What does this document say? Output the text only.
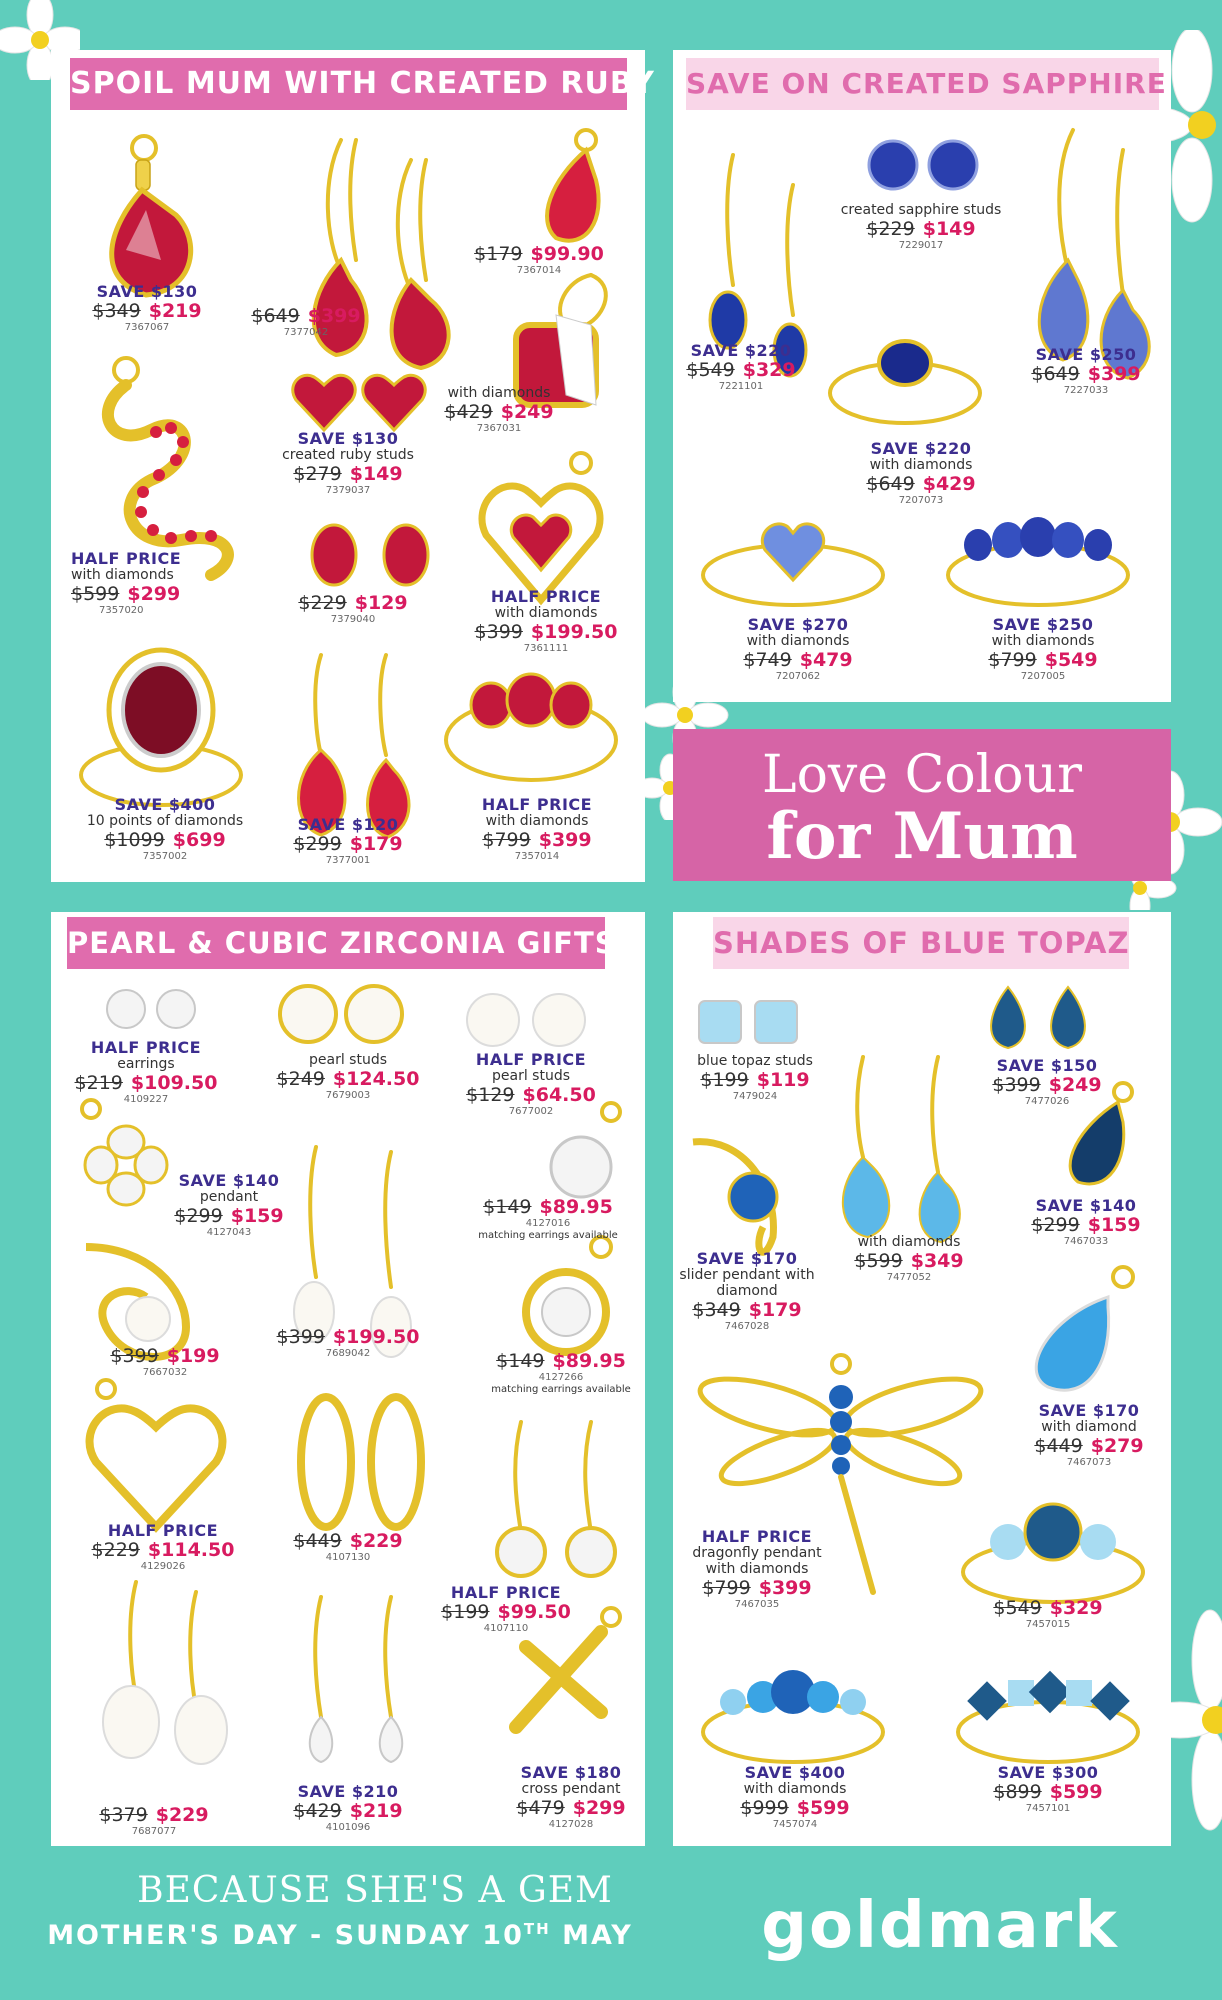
SPOIL MUM WITH CREATED RUBY
SAVE $130
$349 $219
7367067
$649 $399
7377042
$179 $99.90
7367014
with diamonds
$429 $249
7367031
SAVE $130
created ruby studs
$279 $149
7379037
HALF PRICE
with diamonds
$599 $299
7357020	$229 $129
7379040
HALF PRICE
with diamonds
$399 $199.50
7361111
SAVE $400
10 points of diamonds
$1099 $699
7357002
SAVE $120
$299 $179
7377001
HALF PRICE
with diamonds
$799 $399
7357014
SAVE ON CREATED SAPPHIRE
created sapphire studs
$229 $149
7229017
SAVE $220
$549 $329
7221101
SAVE $250
$649 $399
7227033
SAVE $220
with diamonds
$649 $429
7207073
SAVE $270
with diamonds
$749 $479
7207062
SAVE $250
with diamonds
$799 $549
7207005
Love Colour
for Mum
PEARL & CUBIC ZIRCONIA GIFTS
HALF PRICE
earrings
$219 $109.50
4109227
pearl studs
$249 $124.50
7679003
HALF PRICE
pearl studs
$129 $64.50
7677002
SAVE $140
pendant
$299 $159
4127043
$149 $89.95
4127016
matching earrings available
$399 $199
7667032
$399 $199.50
7689042	$149 $89.95
4127266
matching earrings available
HALF PRICE
$229 $114.50
4129026
$449 $229
4107130
HALF PRICE
$199 $99.50
4107110
$379 $229
7687077
SAVE $210
$429 $219
4101096
SAVE $180
cross pendant
$479 $299
4127028
SHADES OF BLUE TOPAZ
blue topaz studs
$199 $119
7479024
SAVE $150
$399 $249
7477026
SAVE $170
slider pendant with
diamond
$349 $179
7467028
with diamonds
$599 $349
7477052
SAVE $140
$299 $159
7467033
SAVE $170
with diamond
$449 $279
7467073
HALF PRICE
dragonfly pendant
with diamonds
$799 $399
7467035	$549 $329
7457015
SAVE $400
with diamonds
$999 $599
7457074
SAVE $300
$899 $599
7457101
BECAUSE SHE'S A GEM
MOTHER'S DAY - SUNDAY 10TH MAY	goldmark
